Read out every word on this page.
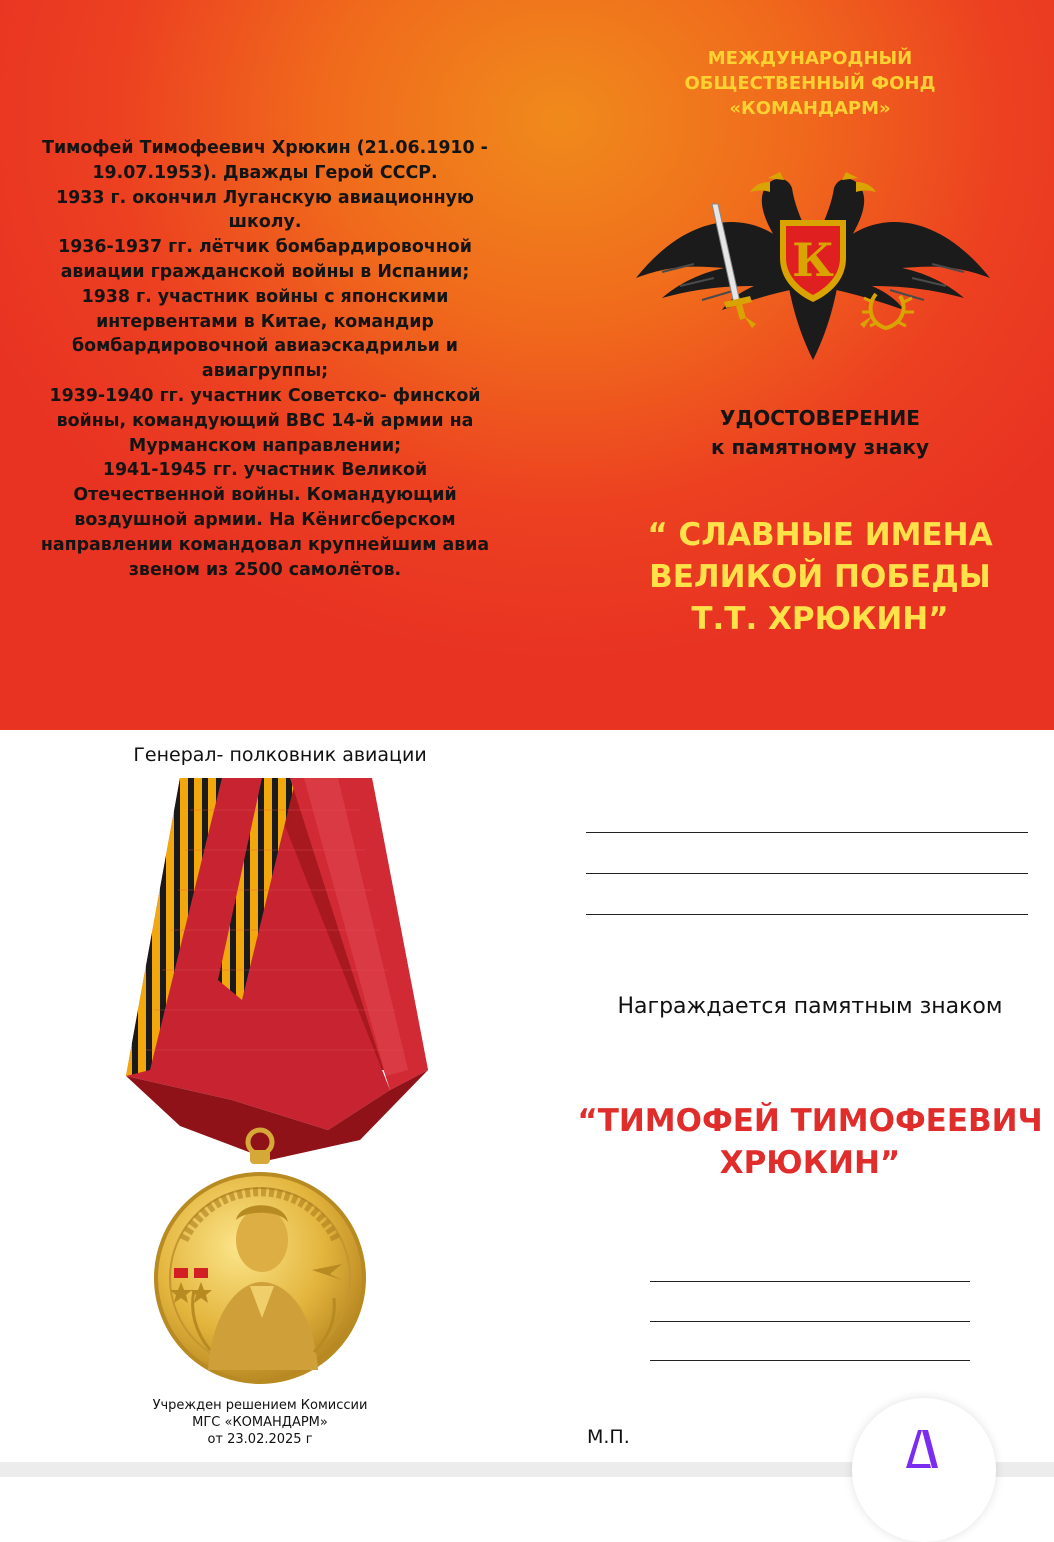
Тимофей Тимофеевич Хрюкин (21.06.1910 -
19.07.1953). Дважды Герой СССР.
1933 г. окончил Луганскую авиационную
школу.
1936-1937 гг. лётчик бомбардировочной
авиации гражданской войны в Испании;
1938 г. участник войны с японскими
интервентами в Китае, командир
бомбардировочной авиаэскадрильи и
авиагруппы;
1939-1940 гг. участник Советско- финской
войны, командующий ВВС 14-й армии на
Мурманском направлении;
1941-1945 гг. участник Великой
Отечественной войны. Командующий
воздушной армии. На Кёнигсберском
направлении командовал крупнейшим авиа
звеном из 2500 самолётов.
МЕЖДУНАРОДНЫЙ
ОБЩЕСТВЕННЫЙ ФОНД
«КОМАНДАРМ»
К
УДОСТОВЕРЕНИЕ
к памятному знаку
“ СЛАВНЫЕ ИМЕНА
ВЕЛИКОЙ ПОБЕДЫ
Т.Т. ХРЮКИН”
Генерал- полковник авиации
Учрежден решением Комиссии
МГС «КОМАНДАРМ»
от 23.02.2025 г
Награждается памятным знаком
“ТИМОФЕЙ ТИМОФЕЕВИЧ
ХРЮКИН”
М.П.
